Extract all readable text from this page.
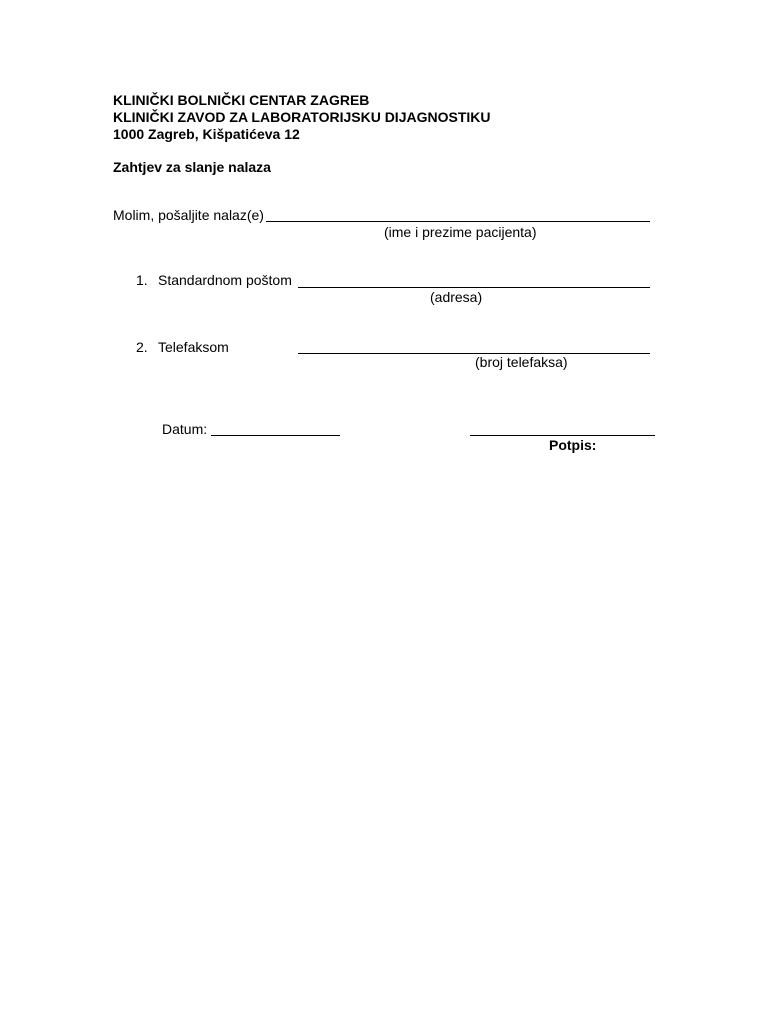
KLINIČKI BOLNIČKI CENTAR ZAGREB
KLINIČKI ZAVOD ZA LABORATORIJSKU DIJAGNOSTIKU
1000 Zagreb, Kišpatićeva 12
Zahtjev za slanje nalaza
Molim, pošaljite nalaz(e)
(ime i prezime pacijenta)
1. Standardnom poštom
(adresa)
2. Telefaksom
(broj telefaksa)
Datum:
Potpis:
